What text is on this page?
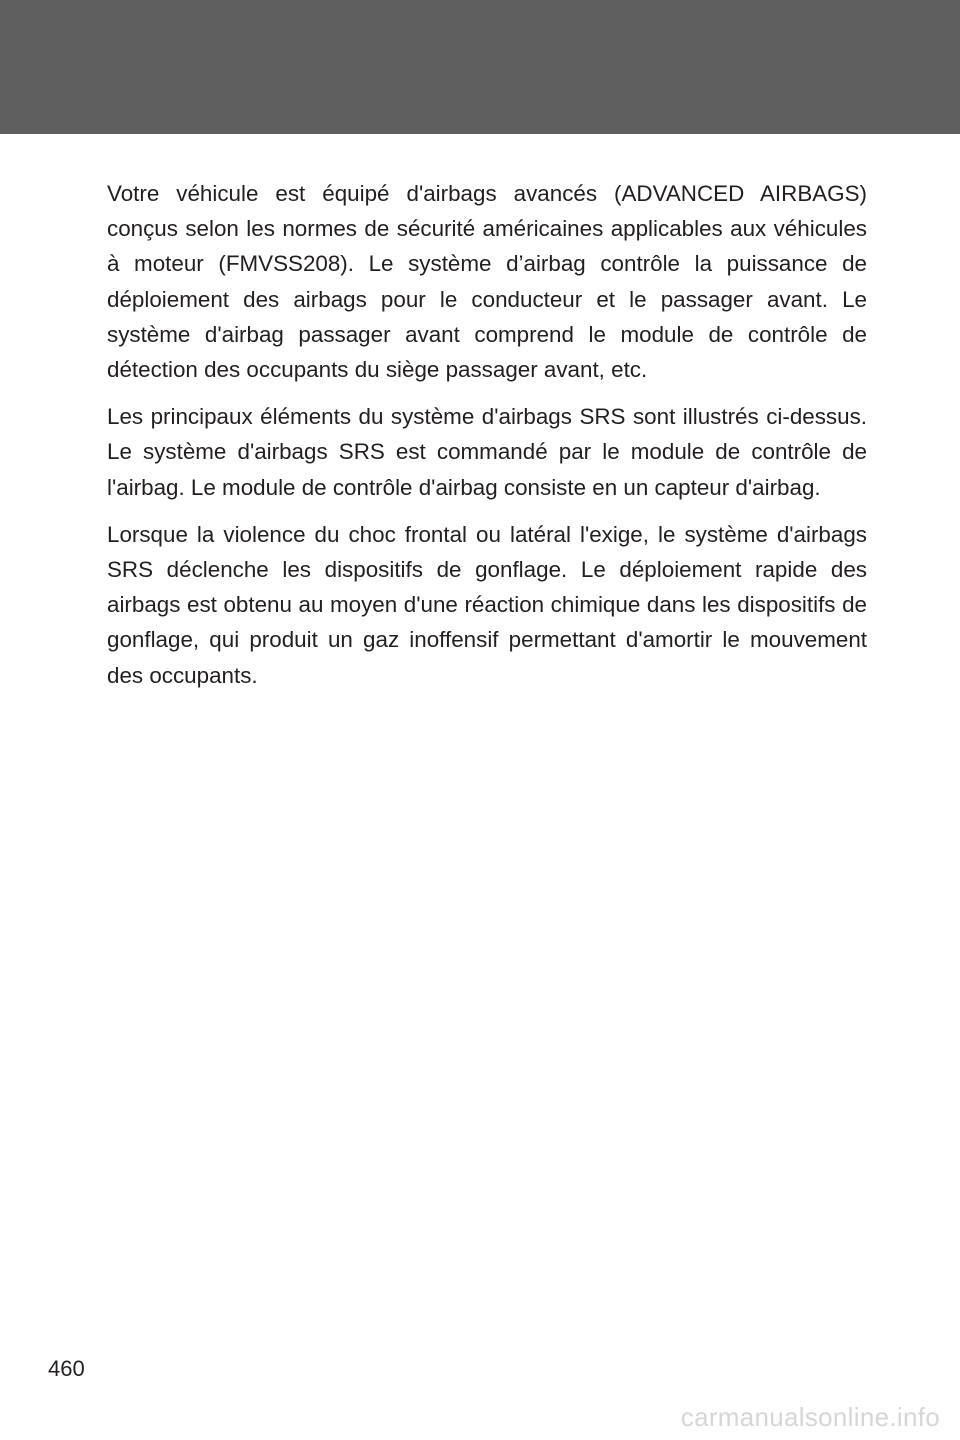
Votre véhicule est équipé d'airbags avancés (ADVANCED AIRBAGS) conçus selon les normes de sécurité américaines applicables aux véhicules à moteur (FMVSS208). Le système d’airbag contrôle la puissance de déploiement des airbags pour le conducteur et le passager avant. Le système d'airbag passager avant comprend le module de contrôle de détection des occupants du siège passager avant, etc.

Les principaux éléments du système d'airbags SRS sont illustrés ci-dessus. Le système d'airbags SRS est commandé par le module de contrôle de l'airbag. Le module de contrôle d'airbag consiste en un capteur d'airbag.

Lorsque la violence du choc frontal ou latéral l'exige, le système d'airbags SRS déclenche les dispositifs de gonflage. Le déploiement rapide des airbags est obtenu au moyen d'une réaction chimique dans les dispositifs de gonflage, qui produit un gaz inoffensif permettant d'amortir le mouvement des occupants.

460
carmanualsonline.info
